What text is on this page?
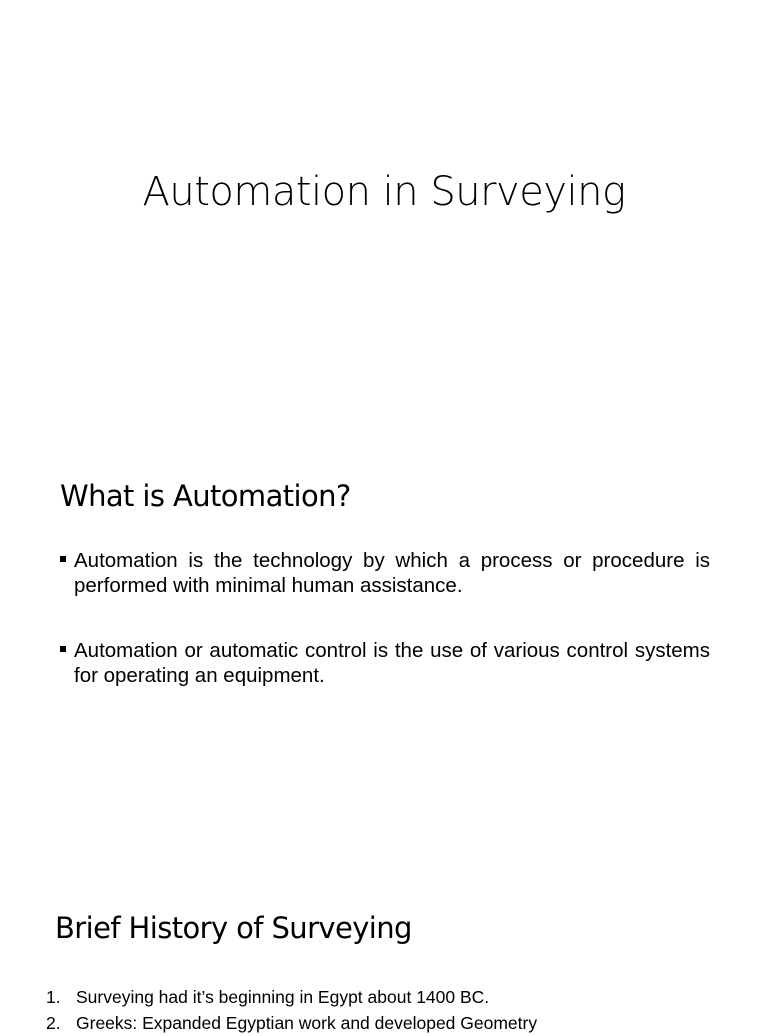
Automation in Surveying
What is Automation?
Automation is the technology by which a process or procedure is performed with minimal human assistance.
Automation or automatic control is the use of various control systems for operating an equipment.
Brief History of Surveying
1. Surveying had it’s beginning in Egypt about 1400 BC.
2. Greeks: Expanded Egyptian work and developed Geometry
